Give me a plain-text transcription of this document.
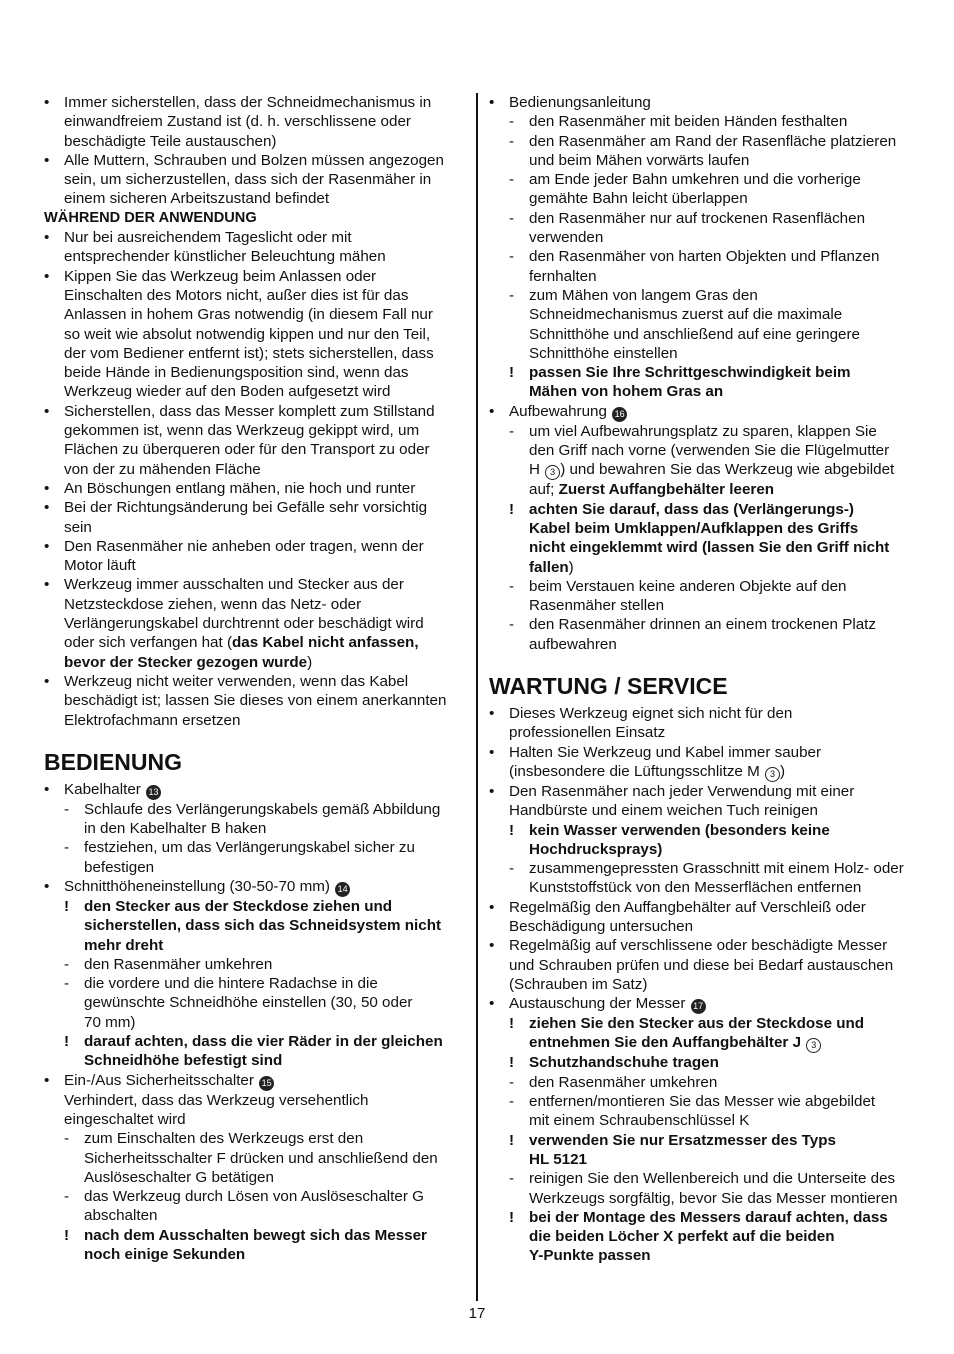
• Immer sicherstellen, dass der Schneidmechanismus in
einwandfreiem Zustand ist (d. h. verschlissene oder
beschädigte Teile austauschen)
• Alle Muttern, Schrauben und Bolzen müssen angezogen
sein, um sicherzustellen, dass sich der Rasenmäher in
einem sicheren Arbeitszustand befindet
WÄHREND DER ANWENDUNG
• Nur bei ausreichendem Tageslicht oder mit
entsprechender künstlicher Beleuchtung mähen
• Kippen Sie das Werkzeug beim Anlassen oder
Einschalten des Motors nicht, außer dies ist für das
Anlassen in hohem Gras notwendig (in diesem Fall nur
so weit wie absolut notwendig kippen und nur den Teil,
der vom Bediener entfernt ist); stets sicherstellen, dass
beide Hände in Bedienungsposition sind, wenn das
Werkzeug wieder auf den Boden aufgesetzt wird
• Sicherstellen, dass das Messer komplett zum Stillstand
gekommen ist, wenn das Werkzeug gekippt wird, um
Flächen zu überqueren oder für den Transport zu oder
von der zu mähenden Fläche
• An Böschungen entlang mähen, nie hoch und runter
• Bei der Richtungsänderung bei Gefälle sehr vorsichtig
sein
• Den Rasenmäher nie anheben oder tragen, wenn der
Motor läuft
• Werkzeug immer ausschalten und Stecker aus der
Netzsteckdose ziehen, wenn das Netz- oder
Verlängerungskabel durchtrennt oder beschädigt wird
oder sich verfangen hat (das Kabel nicht anfassen,
bevor der Stecker gezogen wurde)
• Werkzeug nicht weiter verwenden, wenn das Kabel
beschädigt ist; lassen Sie dieses von einem anerkannten
Elektrofachmann ersetzen
BEDIENUNG
• Kabelhalter 13
- Schlaufe des Verlängerungskabels gemäß Abbildung
in den Kabelhalter B haken
- festziehen, um das Verlängerungskabel sicher zu
befestigen
• Schnitthöheneinstellung (30-50-70 mm) 14
! den Stecker aus der Steckdose ziehen und
sicherstellen, dass sich das Schneidsystem nicht
mehr dreht
- den Rasenmäher umkehren
- die vordere und die hintere Radachse in die
gewünschte Schneidhöhe einstellen (30, 50 oder
70 mm)
! darauf achten, dass die vier Räder in der gleichen
Schneidhöhe befestigt sind
• Ein-/Aus Sicherheitsschalter 15
Verhindert, dass das Werkzeug versehentlich
eingeschaltet wird
- zum Einschalten des Werkzeugs erst den
Sicherheitsschalter F drücken und anschließend den
Auslöseschalter G betätigen
- das Werkzeug durch Lösen von Auslöseschalter G
abschalten
! nach dem Ausschalten bewegt sich das Messer
noch einige Sekunden
• Bedienungsanleitung
- den Rasenmäher mit beiden Händen festhalten
- den Rasenmäher am Rand der Rasenfläche platzieren
und beim Mähen vorwärts laufen
- am Ende jeder Bahn umkehren und die vorherige
gemähte Bahn leicht überlappen
- den Rasenmäher nur auf trockenen Rasenflächen
verwenden
- den Rasenmäher von harten Objekten und Pflanzen
fernhalten
- zum Mähen von langem Gras den
Schneidmechanismus zuerst auf die maximale
Schnitthöhe und anschließend auf eine geringere
Schnitthöhe einstellen
! passen Sie Ihre Schrittgeschwindigkeit beim
Mähen von hohem Gras an
• Aufbewahrung 16
- um viel Aufbewahrungsplatz zu sparen, klappen Sie
den Griff nach vorne (verwenden Sie die Flügelmutter
H 3 ) und bewahren Sie das Werkzeug wie abgebildet
auf; Zuerst Auffangbehälter leeren
! achten Sie darauf, dass das (Verlängerungs-)
Kabel beim Umklappen/Aufklappen des Griffs
nicht eingeklemmt wird (lassen Sie den Griff nicht
fallen)
- beim Verstauen keine anderen Objekte auf den
Rasenmäher stellen
- den Rasenmäher drinnen an einem trockenen Platz
aufbewahren
WARTUNG / SERVICE
• Dieses Werkzeug eignet sich nicht für den
professionellen Einsatz
• Halten Sie Werkzeug und Kabel immer sauber
(insbesondere die Lüftungsschlitze M 3 )
• Den Rasenmäher nach jeder Verwendung mit einer
Handbürste und einem weichen Tuch reinigen
! kein Wasser verwenden (besonders keine
Hochdrucksprays)
- zusammengepressten Grasschnitt mit einem Holz- oder
Kunststoffstück von den Messerflächen entfernen
• Regelmäßig den Auffangbehälter auf Verschleiß oder
Beschädigung untersuchen
• Regelmäßig auf verschlissene oder beschädigte Messer
und Schrauben prüfen und diese bei Bedarf austauschen
(Schrauben im Satz)
• Austauschung der Messer 17
! ziehen Sie den Stecker aus der Steckdose und
entnehmen Sie den Auffangbehälter J 3
! Schutzhandschuhe tragen
- den Rasenmäher umkehren
- entfernen/montieren Sie das Messer wie abgebildet
mit einem Schraubenschlüssel K
! verwenden Sie nur Ersatzmesser des Typs
HL 5121
- reinigen Sie den Wellenbereich und die Unterseite des
Werkzeugs sorgfältig, bevor Sie das Messer montieren
! bei der Montage des Messers darauf achten, dass
die beiden Löcher X perfekt auf die beiden
Y-Punkte passen
17
